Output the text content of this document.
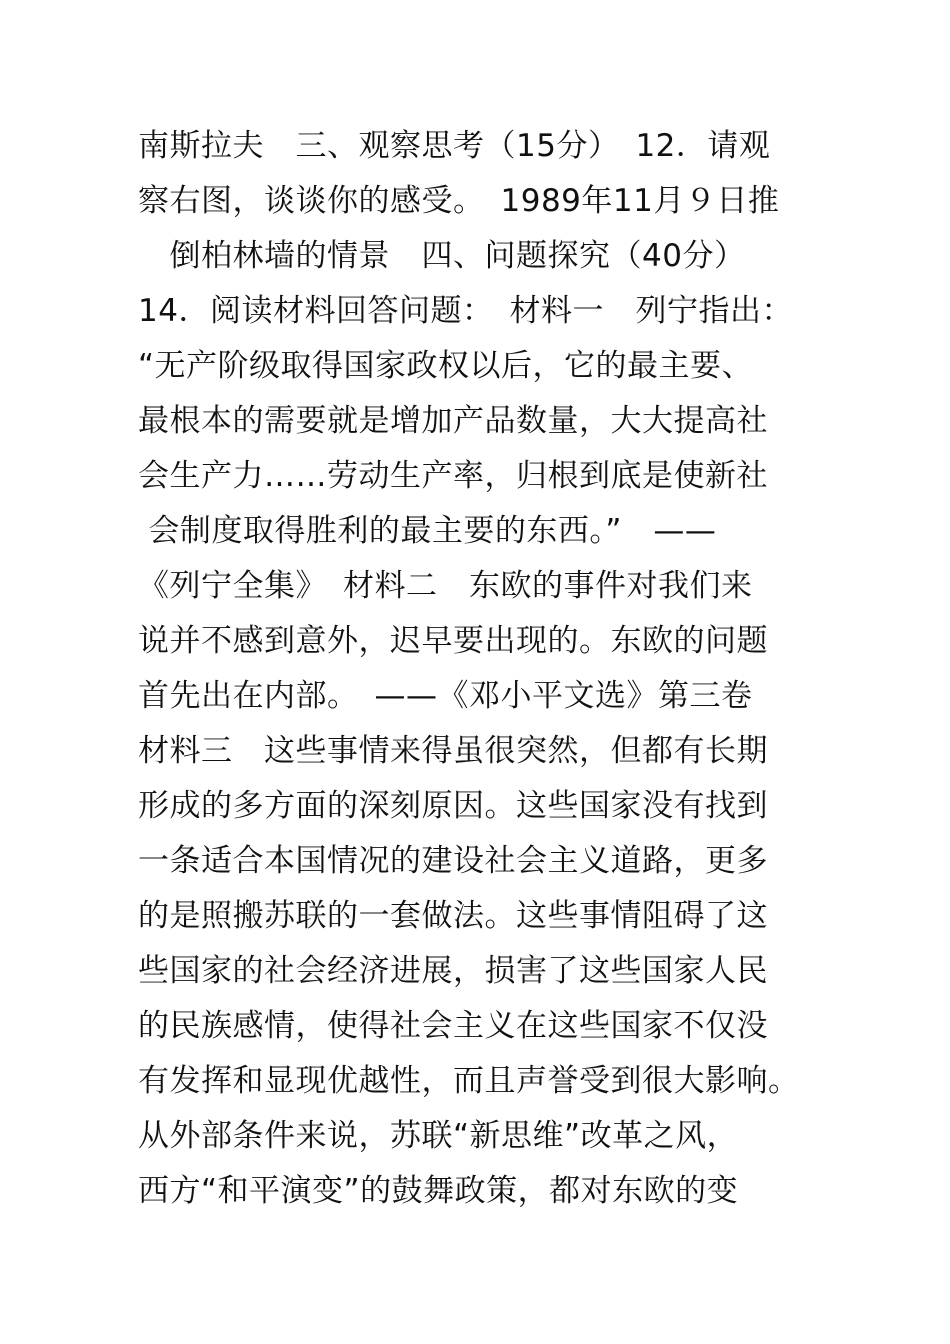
南斯拉夫　三、观察思考（15分）　12．请观
察右图，谈谈你的感受。　1989年11月９日推
　倒柏林墙的情景　四、问题探究（40分）
14．阅读材料回答问题：　材料一　列宁指出：
“无产阶级取得国家政权以后，它的最主要、
最根本的需要就是增加产品数量，大大提高社
会生产力……劳动生产率，归根到底是使新社
会制度取得胜利的最主要的东西。”　——
《列宁全集》　材料二　东欧的事件对我们来
说并不感到意外，迟早要出现的。东欧的问题
首先出在内部。　——《邓小平文选》第三卷
材料三　这些事情来得虽很突然，但都有长期
形成的多方面的深刻原因。这些国家没有找到
一条适合本国情况的建设社会主义道路，更多
的是照搬苏联的一套做法。这些事情阻碍了这
些国家的社会经济进展，损害了这些国家人民
的民族感情，使得社会主义在这些国家不仅没
有发挥和显现优越性，而且声誉受到很大影响。
从外部条件来说，苏联“新思维”改革之风，
西方“和平演变”的鼓舞政策，都对东欧的变
